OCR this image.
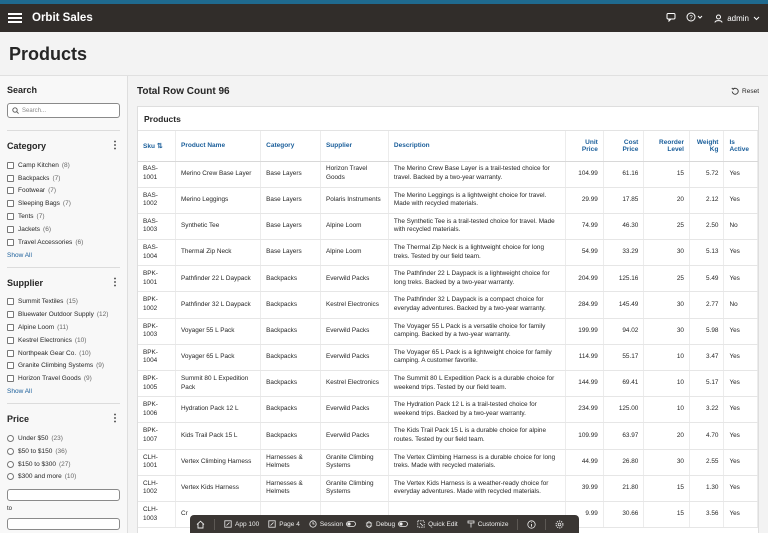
Orbit Sales	?	admin
Products
Search
Search...
Category	⋮
Camp Kitchen (8)
Backpacks (7)
Footwear (7)
Sleeping Bags (7)
Tents (7)
Jackets (6)
Travel Accessories (6)
Show All
Supplier	⋮
Summit Textiles (15)
Bluewater Outdoor Supply (12)
Alpine Loom (11)
Kestrel Electronics (10)
Northpeak Gear Co. (10)
Granite Climbing Systems (9)
Horizon Travel Goods (9)
Show All
Price	⋮
Under $50 (23)
$50 to $150 (36)
$150 to $300 (27)
$300 and more (10)
to
Total Row Count 96	Reset
Products
Sku ⇅	Product Name	Category	Supplier	Description	Unit Price	Cost Price	Reorder Level	Weight Kg	Is Active
BAS-1001	Merino Crew Base Layer	Base Layers	Horizon Travel Goods	The Merino Crew Base Layer is a trail-tested choice for travel. Backed by a two-year warranty.	104.99	61.16	15	5.72	Yes
BAS-1002	Merino Leggings	Base Layers	Polaris Instruments	The Merino Leggings is a lightweight choice for travel. Made with recycled materials.	29.99	17.85	20	2.12	Yes
BAS-1003	Synthetic Tee	Base Layers	Alpine Loom	The Synthetic Tee is a trail-tested choice for travel. Made with recycled materials.	74.99	46.30	25	2.50	No
BAS-1004	Thermal Zip Neck	Base Layers	Alpine Loom	The Thermal Zip Neck is a lightweight choice for long treks. Tested by our field team.	54.99	33.29	30	5.13	Yes
BPK-1001	Pathfinder 22 L Daypack	Backpacks	Everwild Packs	The Pathfinder 22 L Daypack is a lightweight choice for long treks. Backed by a two-year warranty.	204.99	125.16	25	5.49	Yes
BPK-1002	Pathfinder 32 L Daypack	Backpacks	Kestrel Electronics	The Pathfinder 32 L Daypack is a compact choice for everyday adventures. Backed by a two-year warranty.	284.99	145.49	30	2.77	No
BPK-1003	Voyager 55 L Pack	Backpacks	Everwild Packs	The Voyager 55 L Pack is a versatile choice for family camping. Backed by a two-year warranty.	199.99	94.02	30	5.98	Yes
BPK-1004	Voyager 65 L Pack	Backpacks	Everwild Packs	The Voyager 65 L Pack is a lightweight choice for family camping. A customer favorite.	114.99	55.17	10	3.47	Yes
BPK-1005	Summit 80 L Expedition Pack	Backpacks	Kestrel Electronics	The Summit 80 L Expedition Pack is a durable choice for weekend trips. Tested by our field team.	144.99	69.41	10	5.17	Yes
BPK-1006	Hydration Pack 12 L	Backpacks	Everwild Packs	The Hydration Pack 12 L is a trail-tested choice for weekend trips. Backed by a two-year warranty.	234.99	125.00	10	3.22	Yes
BPK-1007	Kids Trail Pack 15 L	Backpacks	Everwild Packs	The Kids Trail Pack 15 L is a durable choice for alpine routes. Tested by our field team.	109.99	63.97	20	4.70	Yes
CLH-1001	Vertex Climbing Harness	Harnesses & Helmets	Granite Climbing Systems	The Vertex Climbing Harness is a durable choice for long treks. Made with recycled materials.	44.99	26.80	30	2.55	Yes
CLH-1002	Vertex Kids Harness	Harnesses & Helmets	Granite Climbing Systems	The Vertex Kids Harness is a weather-ready choice for everyday adventures. Made with recycled materials.	39.99	21.80	15	1.30	Yes
CLH-1003	Cr				9.99	30.66	15	3.56	Yes
App 100	Page 4	Session	Debug	Quick Edit	Customize
